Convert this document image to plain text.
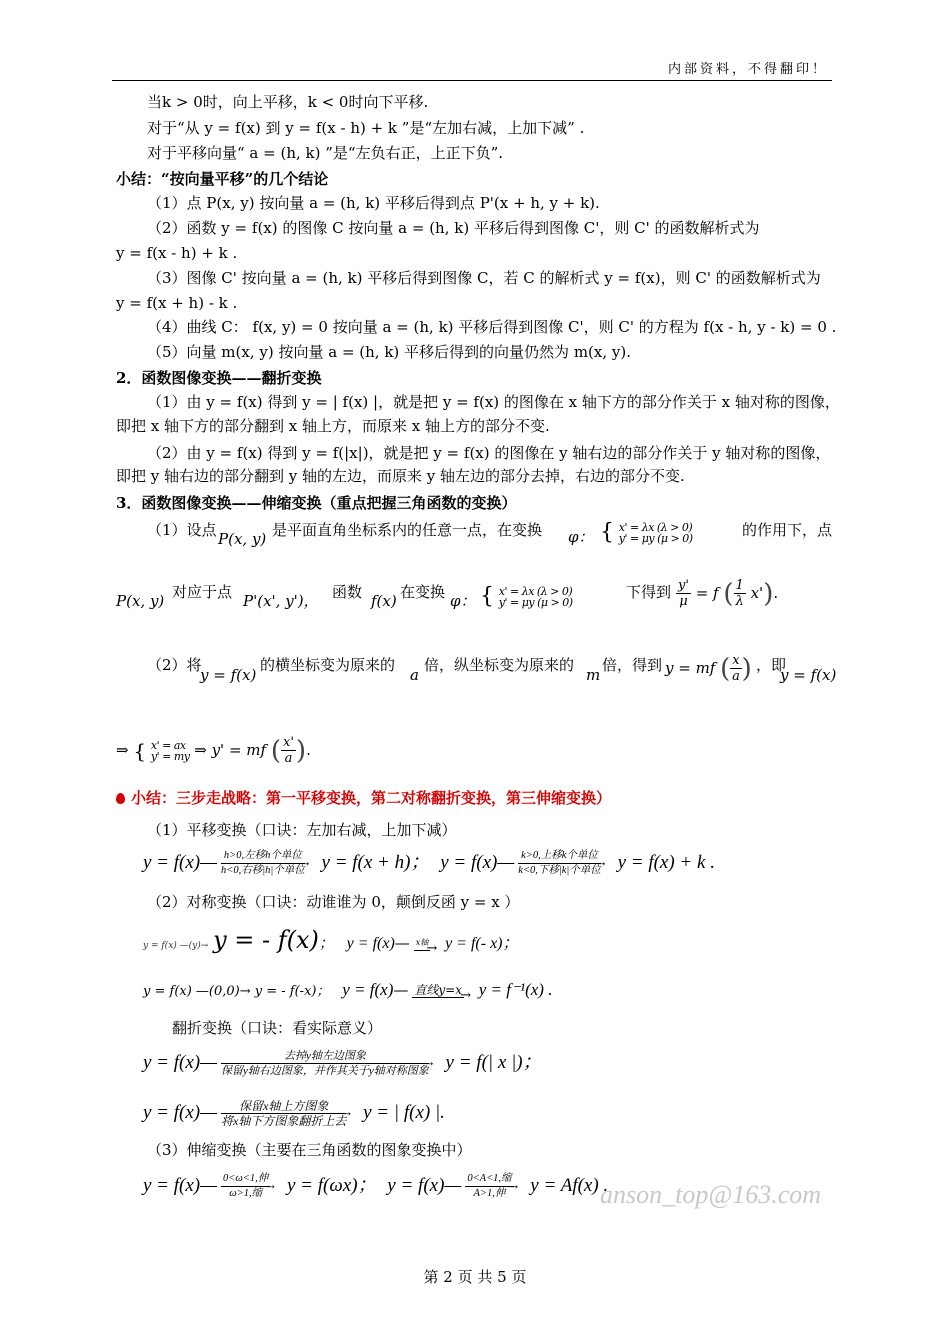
内部资料，不得翻印！
当k > 0时，向上平移，k < 0时向下平移.
对于“从 y = f(x) 到 y = f(x - h) + k ”是“左加右减，上加下减” .
对于平移向量“ a = (h, k) ”是“左负右正，上正下负”.
小结：“按向量平移”的几个结论
（1）点 P(x, y) 按向量 a = (h, k) 平移后得到点 P'(x + h, y + k).
（2）函数 y = f(x) 的图像 C 按向量 a = (h, k) 平移后得到图像 C'，则 C' 的函数解析式为
y = f(x - h) + k .
（3）图像 C' 按向量 a = (h, k) 平移后得到图像 C，若 C 的解析式 y = f(x)，则 C' 的函数解析式为
y = f(x + h) - k .
（4）曲线 C： f(x, y) = 0 按向量 a = (h, k) 平移后得到图像 C'，则 C' 的方程为 f(x - h, y - k) = 0 .
（5）向量 m(x, y) 按向量 a = (h, k) 平移后得到的向量仍然为 m(x, y).
2．函数图像变换——翻折变换
（1）由 y = f(x) 得到 y = | f(x) |，就是把 y = f(x) 的图像在 x 轴下方的部分作关于 x 轴对称的图像，
即把 x 轴下方的部分翻到 x 轴上方，而原来 x 轴上方的部分不变.
（2）由 y = f(x) 得到 y = f(|x|)，就是把 y = f(x) 的图像在 y 轴右边的部分作关于 y 轴对称的图像，
即把 y 轴右边的部分翻到 y 轴的左边，而原来 y 轴左边的部分去掉，右边的部分不变.
3．函数图像变换——伸缩变换（重点把握三角函数的变换）
（1）设点 P(x, y) 是平面直角坐标系内的任意一点，在变换 φ： { x' = λx (λ > 0)
y' = μy (μ > 0)	的作用下，点
P(x, y) 对应于点 P'(x', y')， 函数 f(x) 在变换 φ： { x' = λx (λ > 0)
y' = μy (μ > 0)
下得到 $\frac{y'}{\mu} = f$ ( $\frac{1}{\lambda} x'$).
（2）将
y = f(x)
的横坐标变为原来的
a
倍，纵坐标变为原来的
m
倍，得到 y = mf ( $\frac{x}{a}$ ) ，即
y = f(x)
⇒ { x' = ax
y' = my ⇒ y' = mf ( $\frac{x'}{a}$ ).
小结：三步走战略：第一平移变换，第二对称翻折变换，第三伸缩变换）
（1）平移变换（口诀：左加右减，上加下减）
y = f(x)— h>0,左移h个单位
h<0,右移|h|个单位
→ y = f(x + h)； y = f(x)— k>0,上移k个单位
k<0,下移|k|个单位
→ y = f(x) + k .
（2）对称变换（口诀：动谁谁为 0，颠倒反函 y = x ）
y = f(x) —(y)→ y = - f(x)； y = f(x)— x轴
→ y = f(- x)；
y = f(x) —(0,0)→ y = - f(-x)； y = f(x)— 直线y=x
→ y = f⁻¹(x) .
翻折变换（口诀：看实际意义）
y = f(x)—	去掉y轴左边图象
保留y轴右边图象，并作其关于y轴对称图象
→ y = f(| x |)；
y = f(x)—	保留x轴上方图象
将x轴下方图象翻折上去
→ y = | f(x) |.
（3）伸缩变换（主要在三角函数的图象变换中）
y = f(x)— 0<ω<1,伸
ω>1,缩
→ y = f(ωx)； y = f(x)— 0<A<1,缩
A>1,伸
→ y = Af(x) .
anson_top@163.com
第 2 页 共 5 页
